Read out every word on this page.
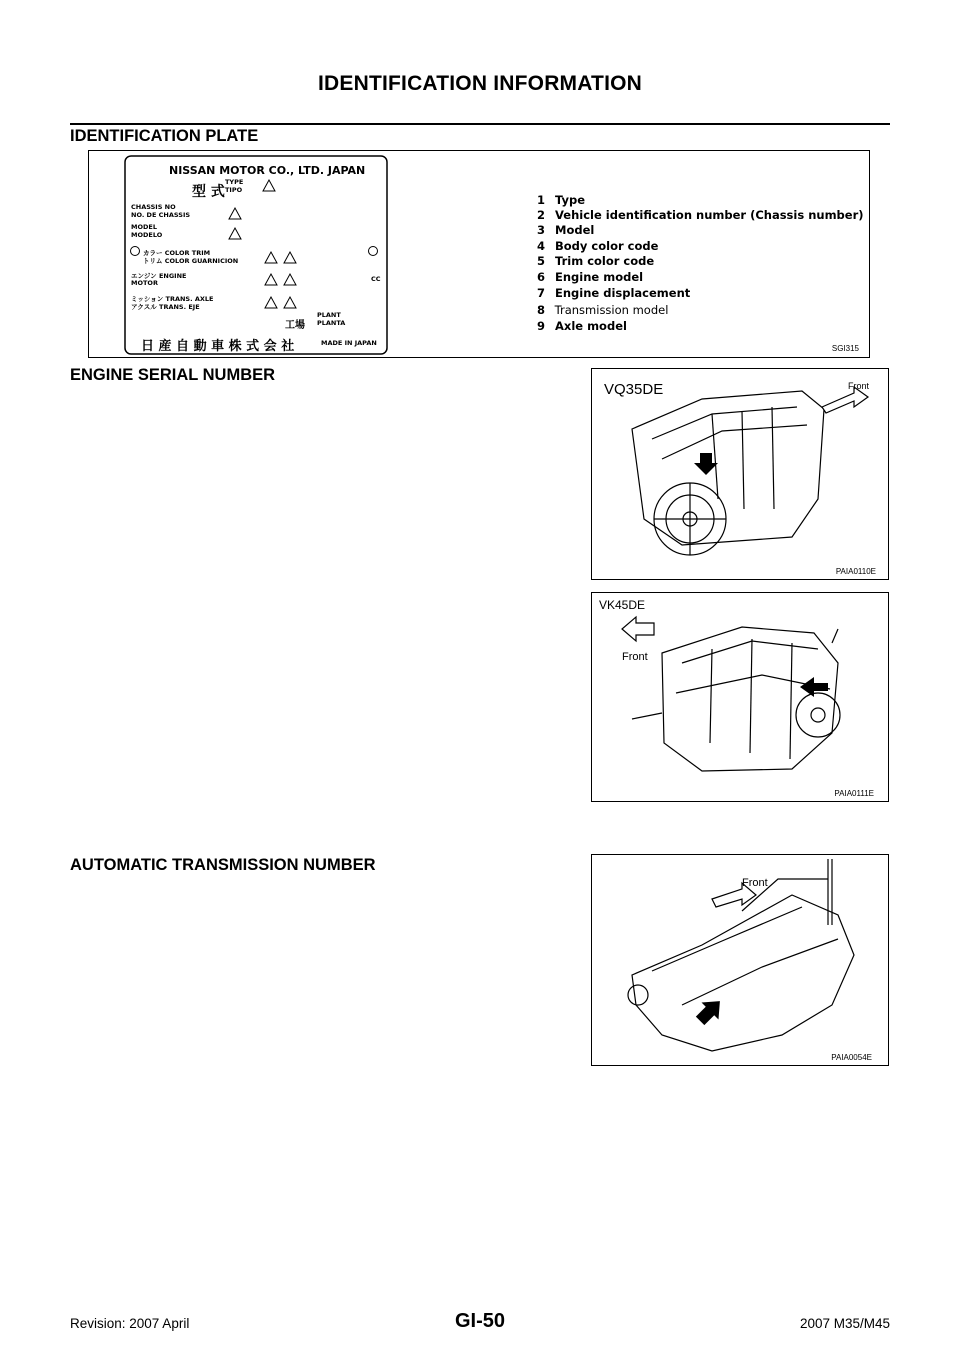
IDENTIFICATION INFORMATION
IDENTIFICATION PLATE
NISSAN MOTOR CO., LTD. JAPAN
型 式
TYPE
TIPO
CHASSIS NO
NO. DE CHASSIS
MODEL
MODELO
カラー COLOR TRIM
トリム COLOR GUARNICION
エンジン ENGINE
MOTOR
ミッション TRANS. AXLE
アクスル TRANS. EJE
工場
PLANT
PLANTA
CC
日 産 自 動 車 株 式 会 社	MADE IN JAPAN
1 Type
2 Vehicle identification number (Chassis number)
3 Model
4 Body color code
5 Trim color code
6 Engine model
7 Engine displacement
8 Transmission model
9 Axle model
SGI315
ENGINE SERIAL NUMBER
VQ35DE	Front
PAIA0110E
VK45DE
Front
PAIA0111E
AUTOMATIC TRANSMISSION NUMBER
Front
PAIA0054E
Revision: 2007 April	GI-50	2007 M35/M45
